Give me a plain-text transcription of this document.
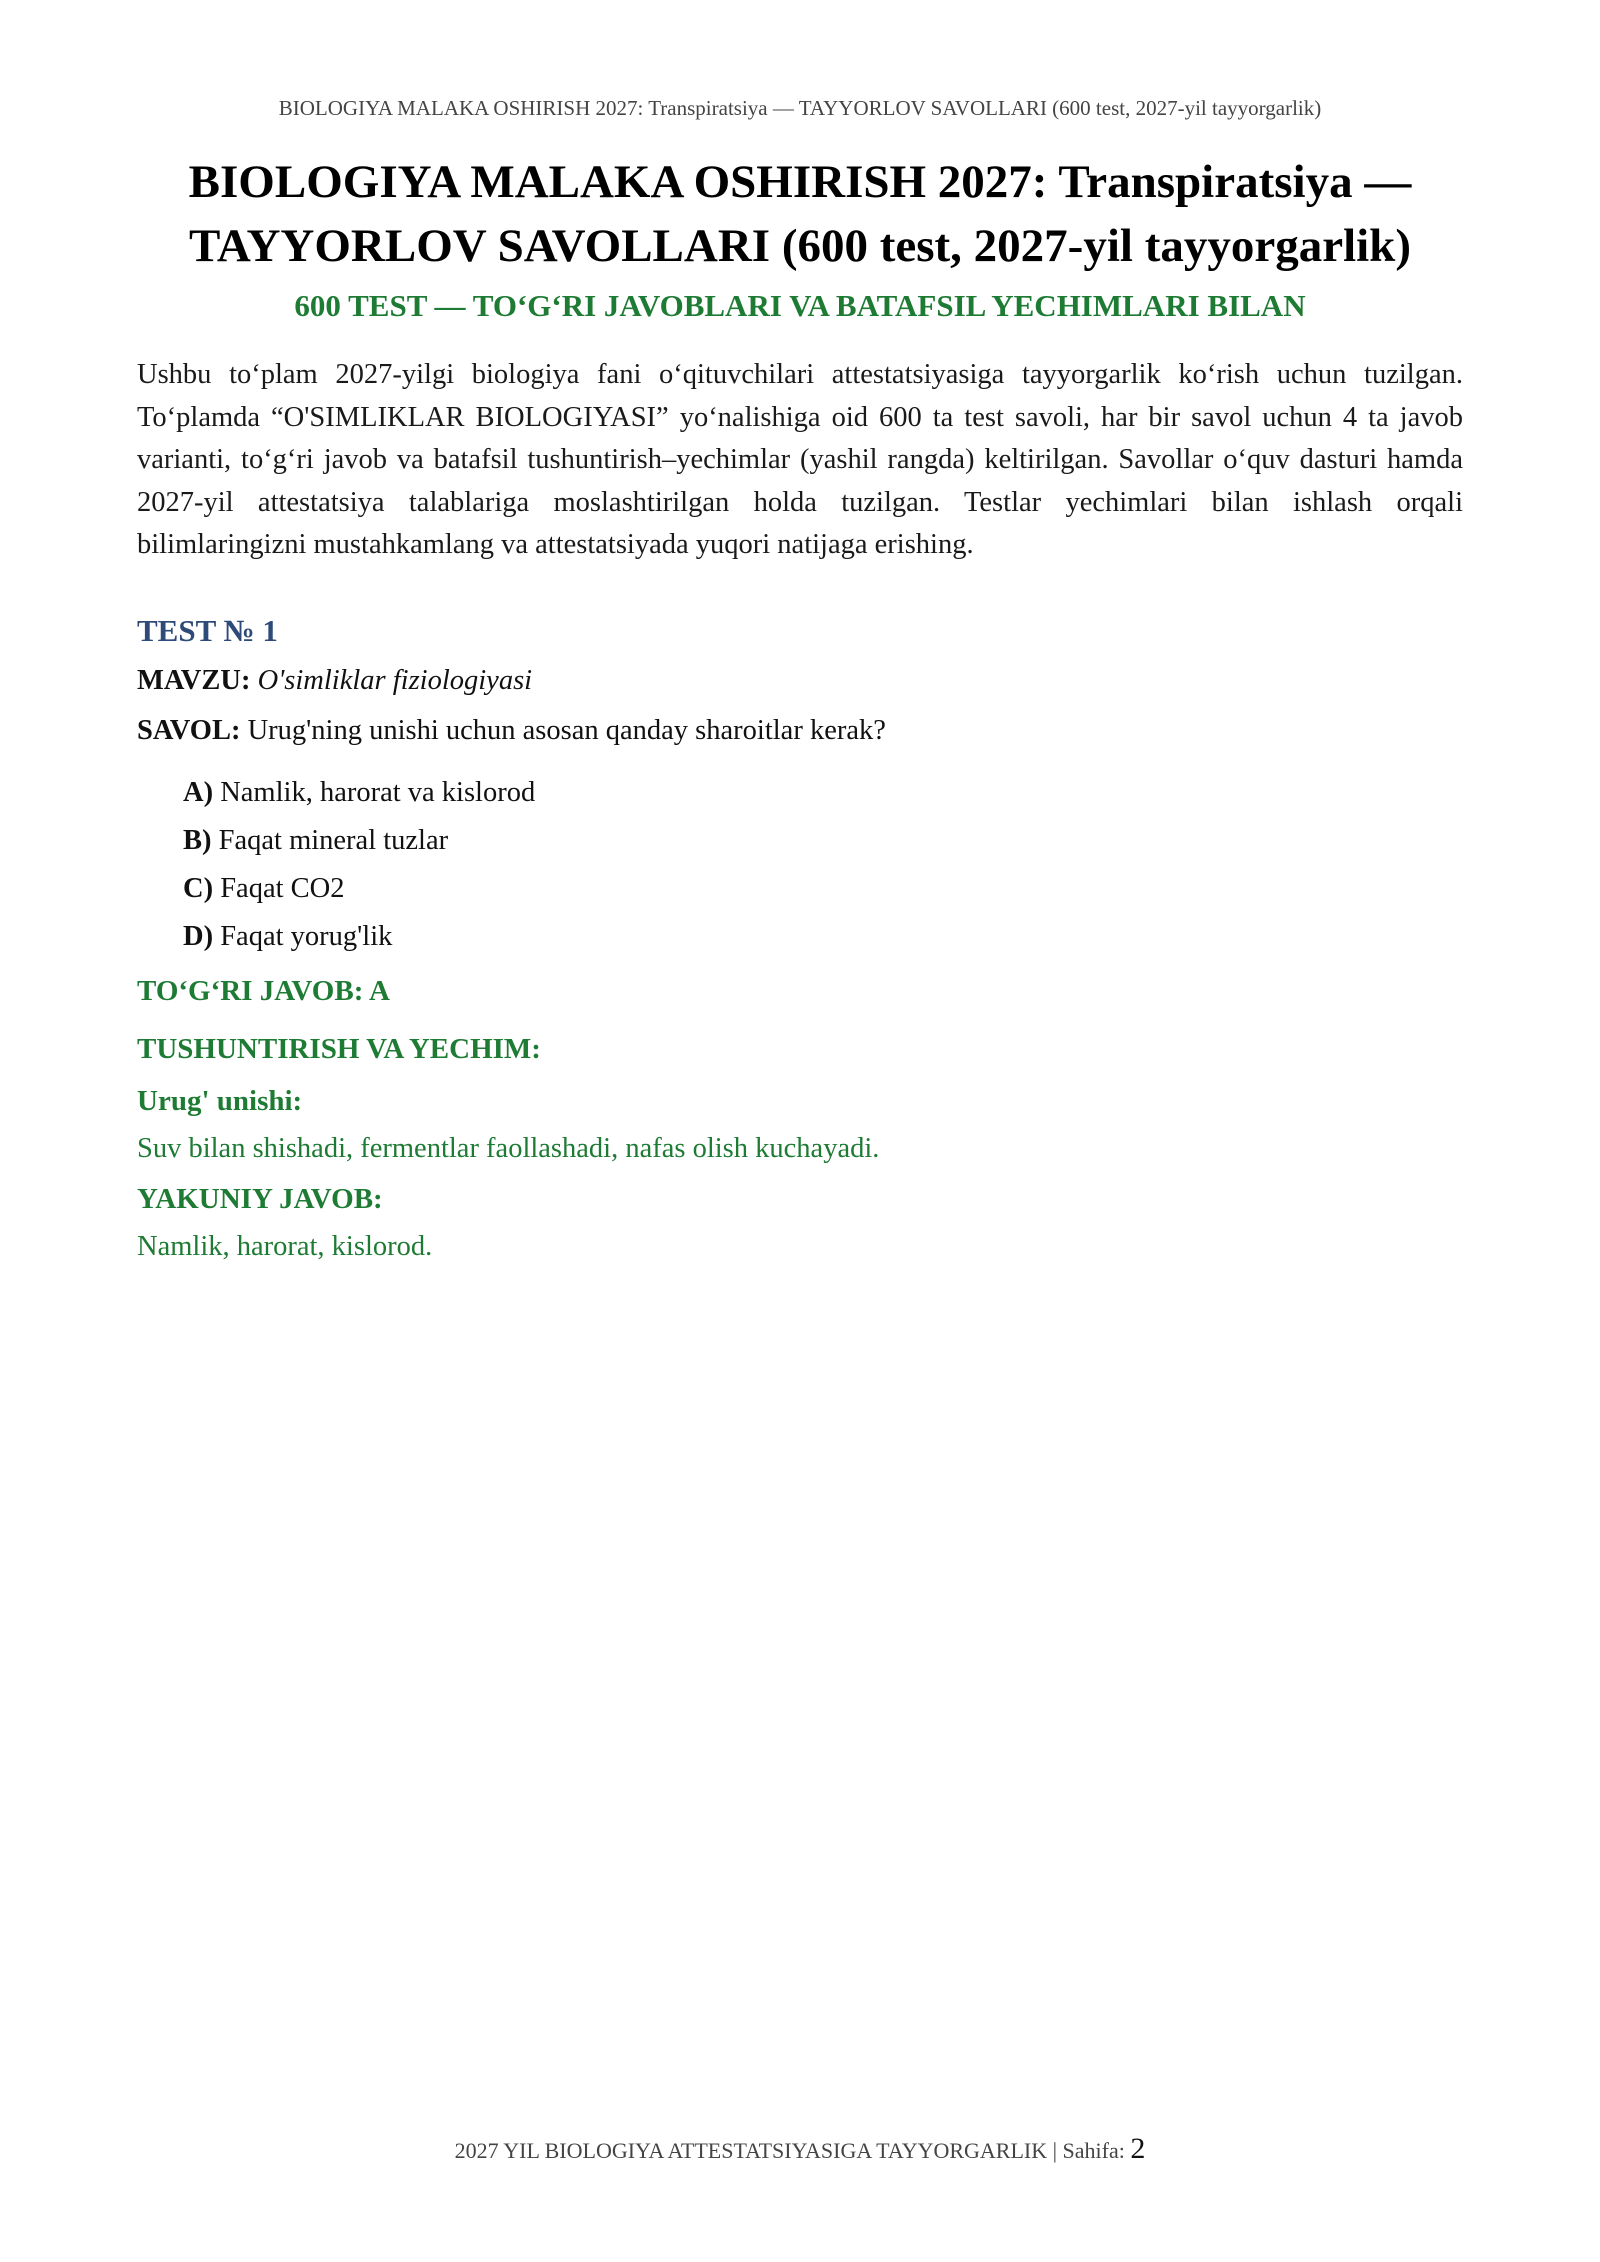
BIOLOGIYA MALAKA OSHIRISH 2027: Transpiratsiya — TAYYORLOV SAVOLLARI (600 test, 2027-yil tayyorgarlik)
BIOLOGIYA MALAKA OSHIRISH 2027: Transpiratsiya —
TAYYORLOV SAVOLLARI (600 test, 2027-yil tayyorgarlik)
600 TEST — TO‘G‘RI JAVOBLARI VA BATAFSIL YECHIMLARI BILAN

Ushbu to‘plam 2027-yilgi biologiya fani o‘qituvchilari attestatsiyasiga tayyorgarlik ko‘rish uchun tuzilgan. To‘plamda “O'SIMLIKLAR BIOLOGIYASI” yo‘nalishiga oid 600 ta test savoli, har bir savol uchun 4 ta javob varianti, to‘g‘ri javob va batafsil tushuntirish–yechimlar (yashil rangda) keltirilgan. Savollar o‘quv dasturi hamda 2027-yil attestatsiya talablariga moslashtirilgan holda tuzilgan. Testlar yechimlari bilan ishlash orqali bilimlaringizni mustahkamlang va attestatsiyada yuqori natijaga erishing.

TEST № 1
MAVZU: O'simliklar fiziologiyasi
SAVOL: Urug'ning unishi uchun asosan qanday sharoitlar kerak?
A) Namlik, harorat va kislorod
B) Faqat mineral tuzlar
C) Faqat CO2
D) Faqat yorug'lik
TO‘G‘RI JAVOB: A
TUSHUNTIRISH VA YECHIM:
Urug' unishi:
Suv bilan shishadi, fermentlar faollashadi, nafas olish kuchayadi.
YAKUNIY JAVOB:
Namlik, harorat, kislorod.
2027 YIL BIOLOGIYA ATTESTATSIYASIGA TAYYORGARLIK | Sahifa: 2
